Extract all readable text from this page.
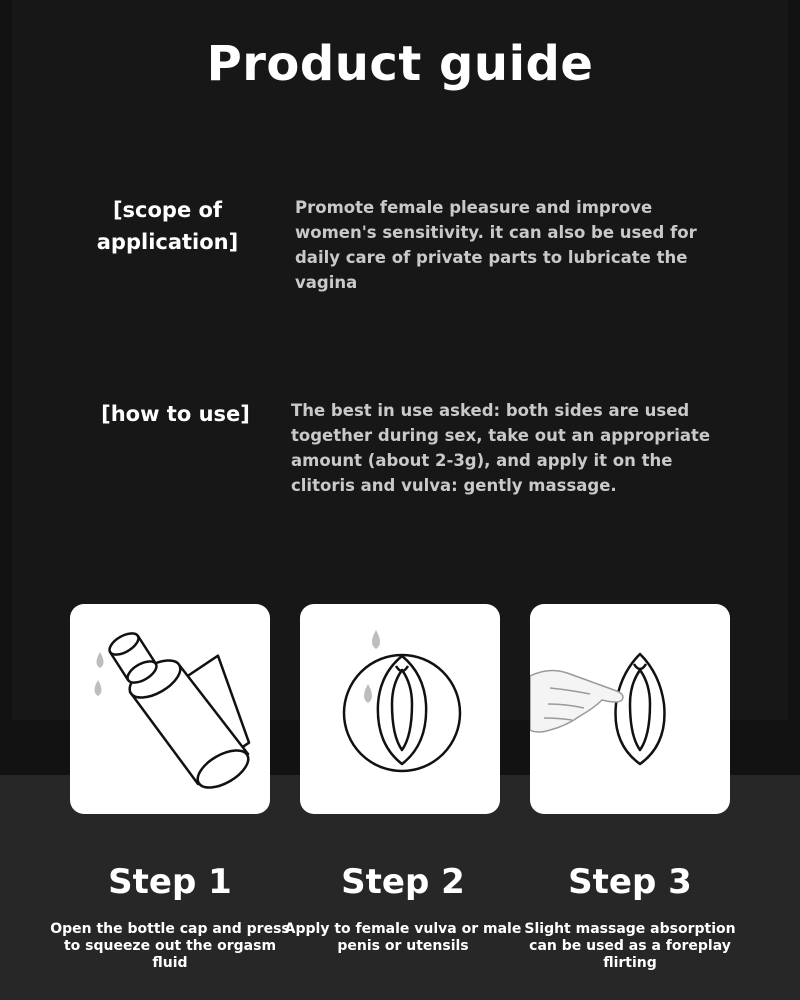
Product guide
[scope of application]
Promote female pleasure and improve women's sensitivity. it can also be used for daily care of private parts to lubricate the vagina
[how to use]	The best in use asked: both sides are used together during sex, take out an appropriate amount (about 2-3g), and apply it on the clitoris and vulva: gently massage.
Step 1
Open the bottle cap and press to squeeze out the orgasm fluid
Step 2
Apply to female vulva or male penis or utensils
Step 3
Slight massage absorption can be used as a foreplay flirting
